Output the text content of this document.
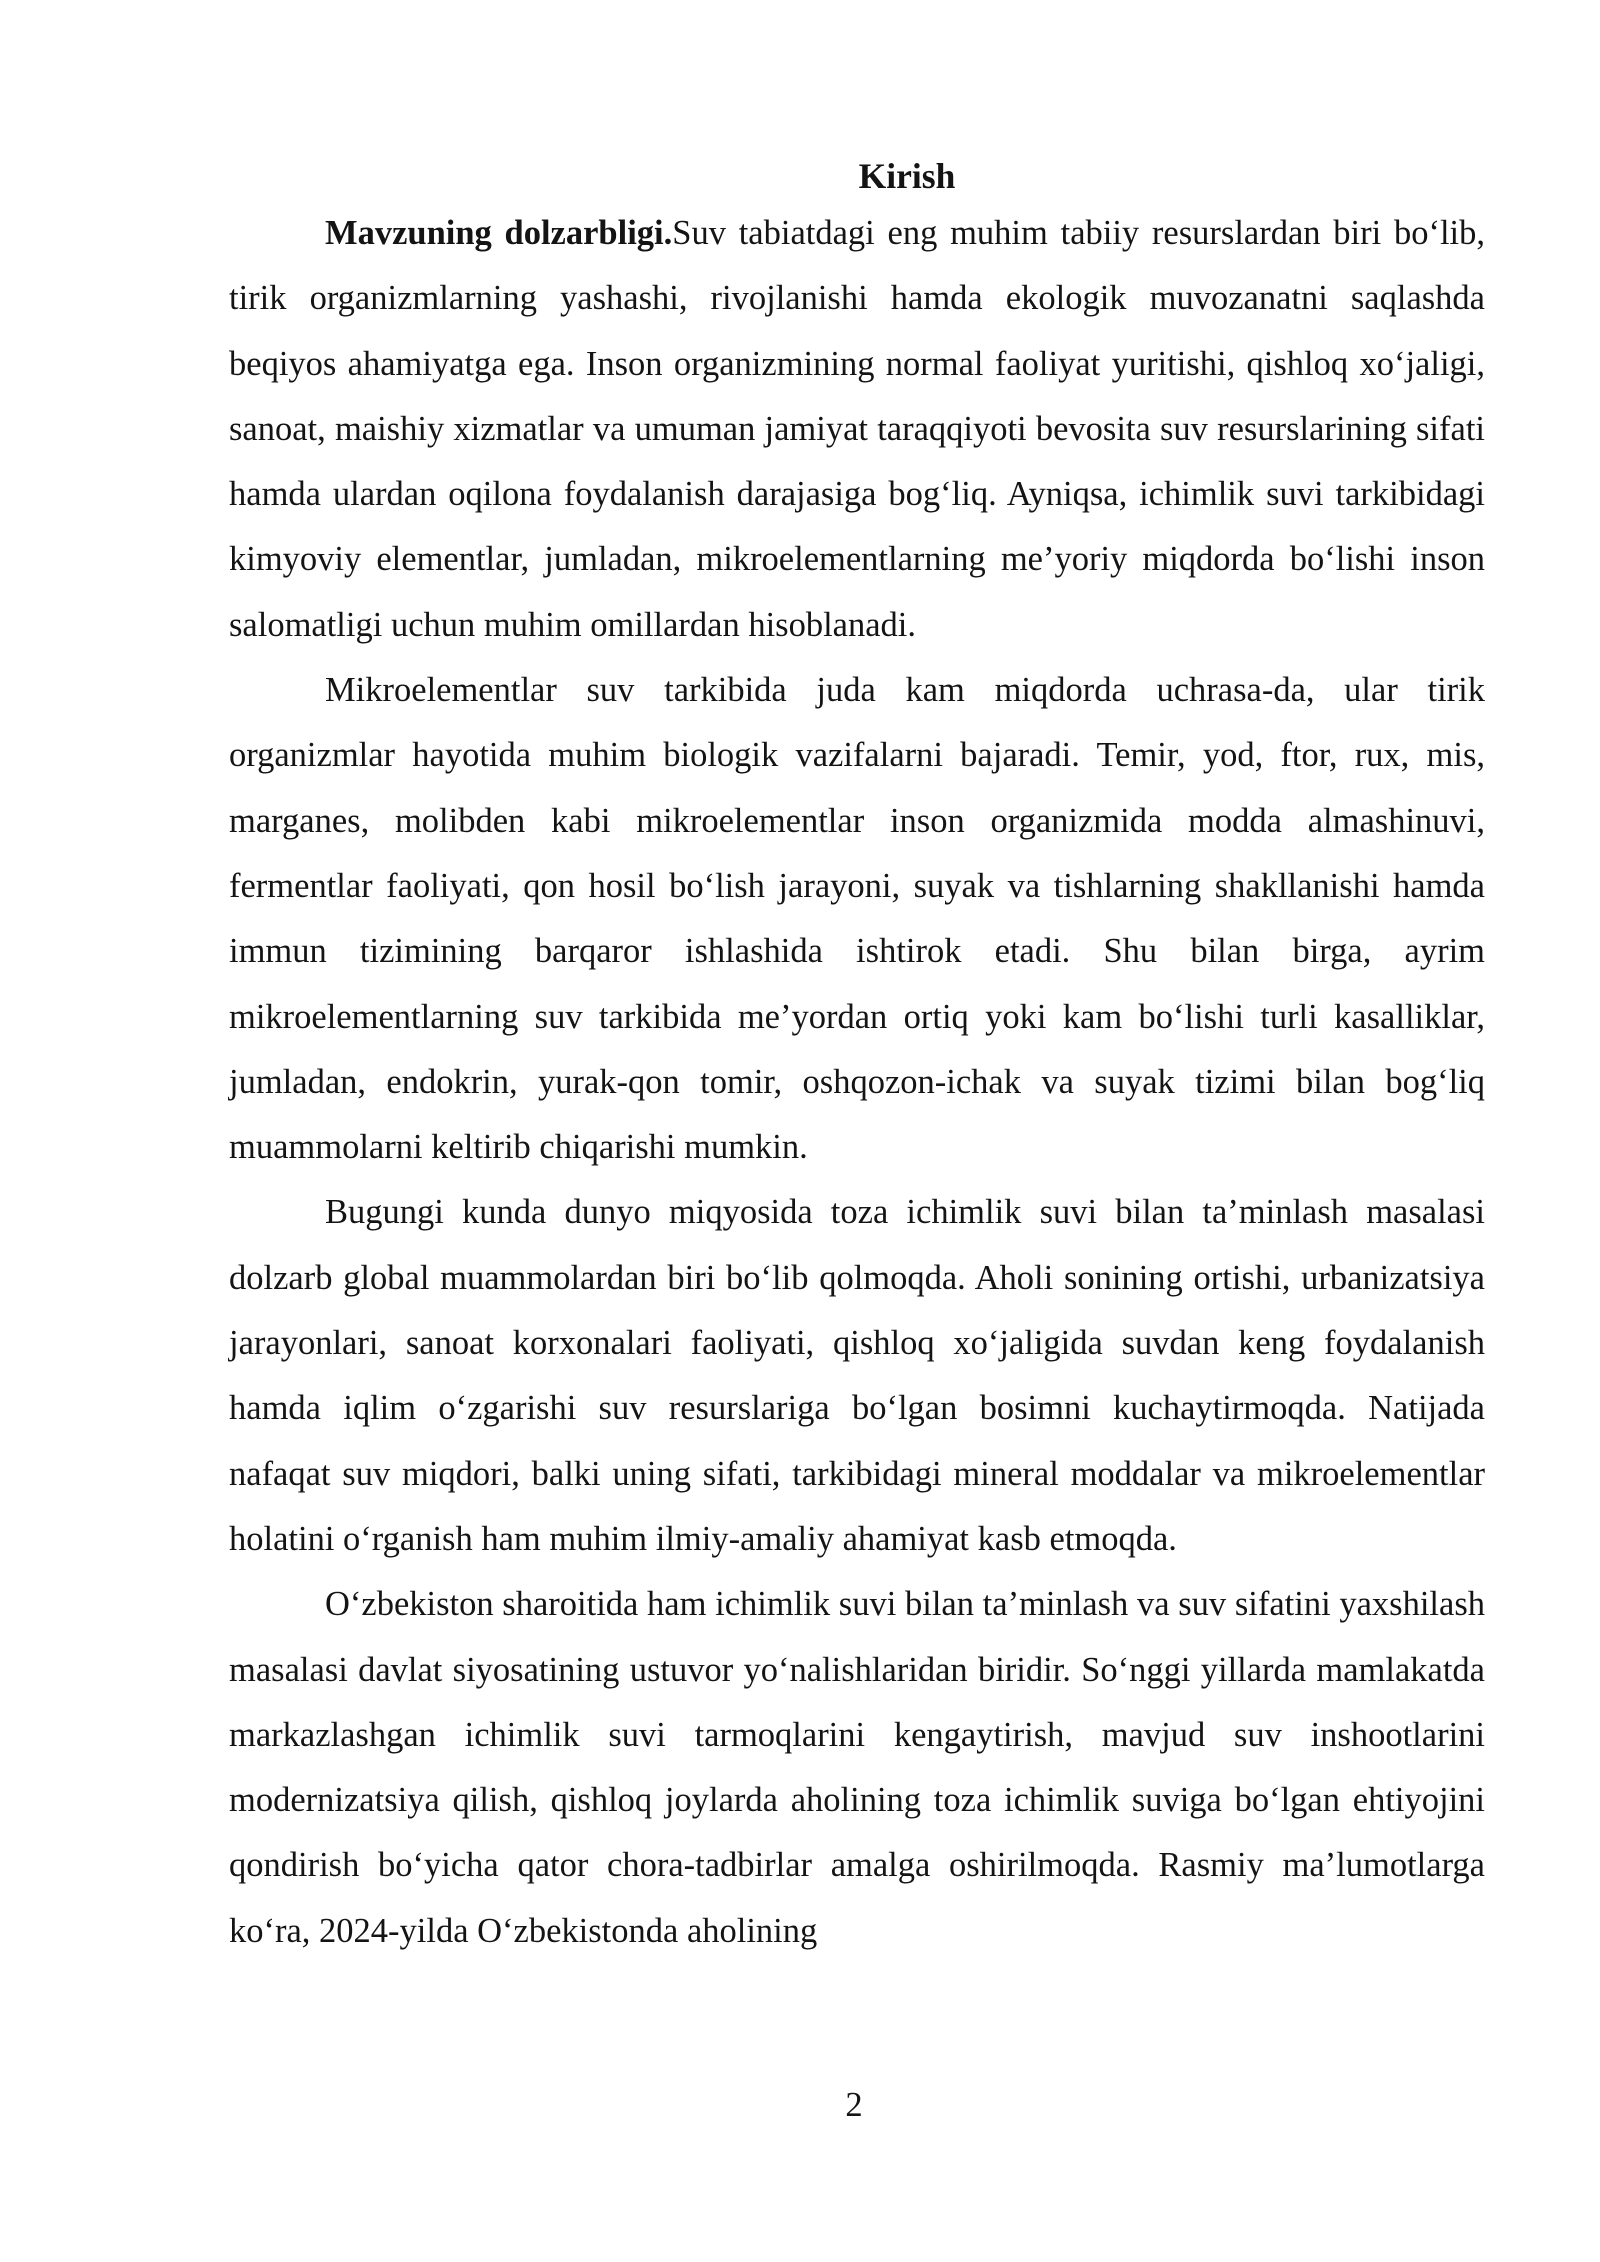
Kirish

Mavzuning dolzarbligi.Suv tabiatdagi eng muhim tabiiy resurslardan biri bo‘lib, tirik organizmlarning yashashi, rivojlanishi hamda ekologik muvozanatni saqlashda beqiyos ahamiyatga ega. Inson organizmining normal faoliyat yuritishi, qishloq xo‘jaligi, sanoat, maishiy xizmatlar va umuman jamiyat taraqqiyoti bevosita suv resurslarining sifati hamda ulardan oqilona foydalanish darajasiga bog‘liq. Ayniqsa, ichimlik suvi tarkibidagi kimyoviy elementlar, jumladan, mikroelementlarning me’yoriy miqdorda bo‘lishi inson salomatligi uchun muhim omillardan hisoblanadi.

Mikroelementlar suv tarkibida juda kam miqdorda uchrasa-da, ular tirik organizmlar hayotida muhim biologik vazifalarni bajaradi. Temir, yod, ftor, rux, mis, marganes, molibden kabi mikroelementlar inson organizmida modda almashinuvi, fermentlar faoliyati, qon hosil bo‘lish jarayoni, suyak va tishlarning shakllanishi hamda immun tizimining barqaror ishlashida ishtirok etadi. Shu bilan birga, ayrim mikroelementlarning suv tarkibida me’yordan ortiq yoki kam bo‘lishi turli kasalliklar, jumladan, endokrin, yurak-qon tomir, oshqozon-ichak va suyak tizimi bilan bog‘liq muammolarni keltirib chiqarishi mumkin.

Bugungi kunda dunyo miqyosida toza ichimlik suvi bilan ta’minlash masalasi dolzarb global muammolardan biri bo‘lib qolmoqda. Aholi sonining ortishi, urbanizatsiya jarayonlari, sanoat korxonalari faoliyati, qishloq xo‘jaligida suvdan keng foydalanish hamda iqlim o‘zgarishi suv resurslariga bo‘lgan bosimni kuchaytirmoqda. Natijada nafaqat suv miqdori, balki uning sifati, tarkibidagi mineral moddalar va mikroelementlar holatini o‘rganish ham muhim ilmiy-amaliy ahamiyat kasb etmoqda.

O‘zbekiston sharoitida ham ichimlik suvi bilan ta’minlash va suv sifatini yaxshilash masalasi davlat siyosatining ustuvor yo‘nalishlaridan biridir. So‘nggi yillarda mamlakatda markazlashgan ichimlik suvi tarmoqlarini kengaytirish, mavjud suv inshootlarini modernizatsiya qilish, qishloq joylarda aholining toza ichimlik suviga bo‘lgan ehtiyojini qondirish bo‘yicha qator chora-tadbirlar amalga oshirilmoqda. Rasmiy ma’lumotlarga ko‘ra, 2024-yilda O‘zbekistonda aholining

2
